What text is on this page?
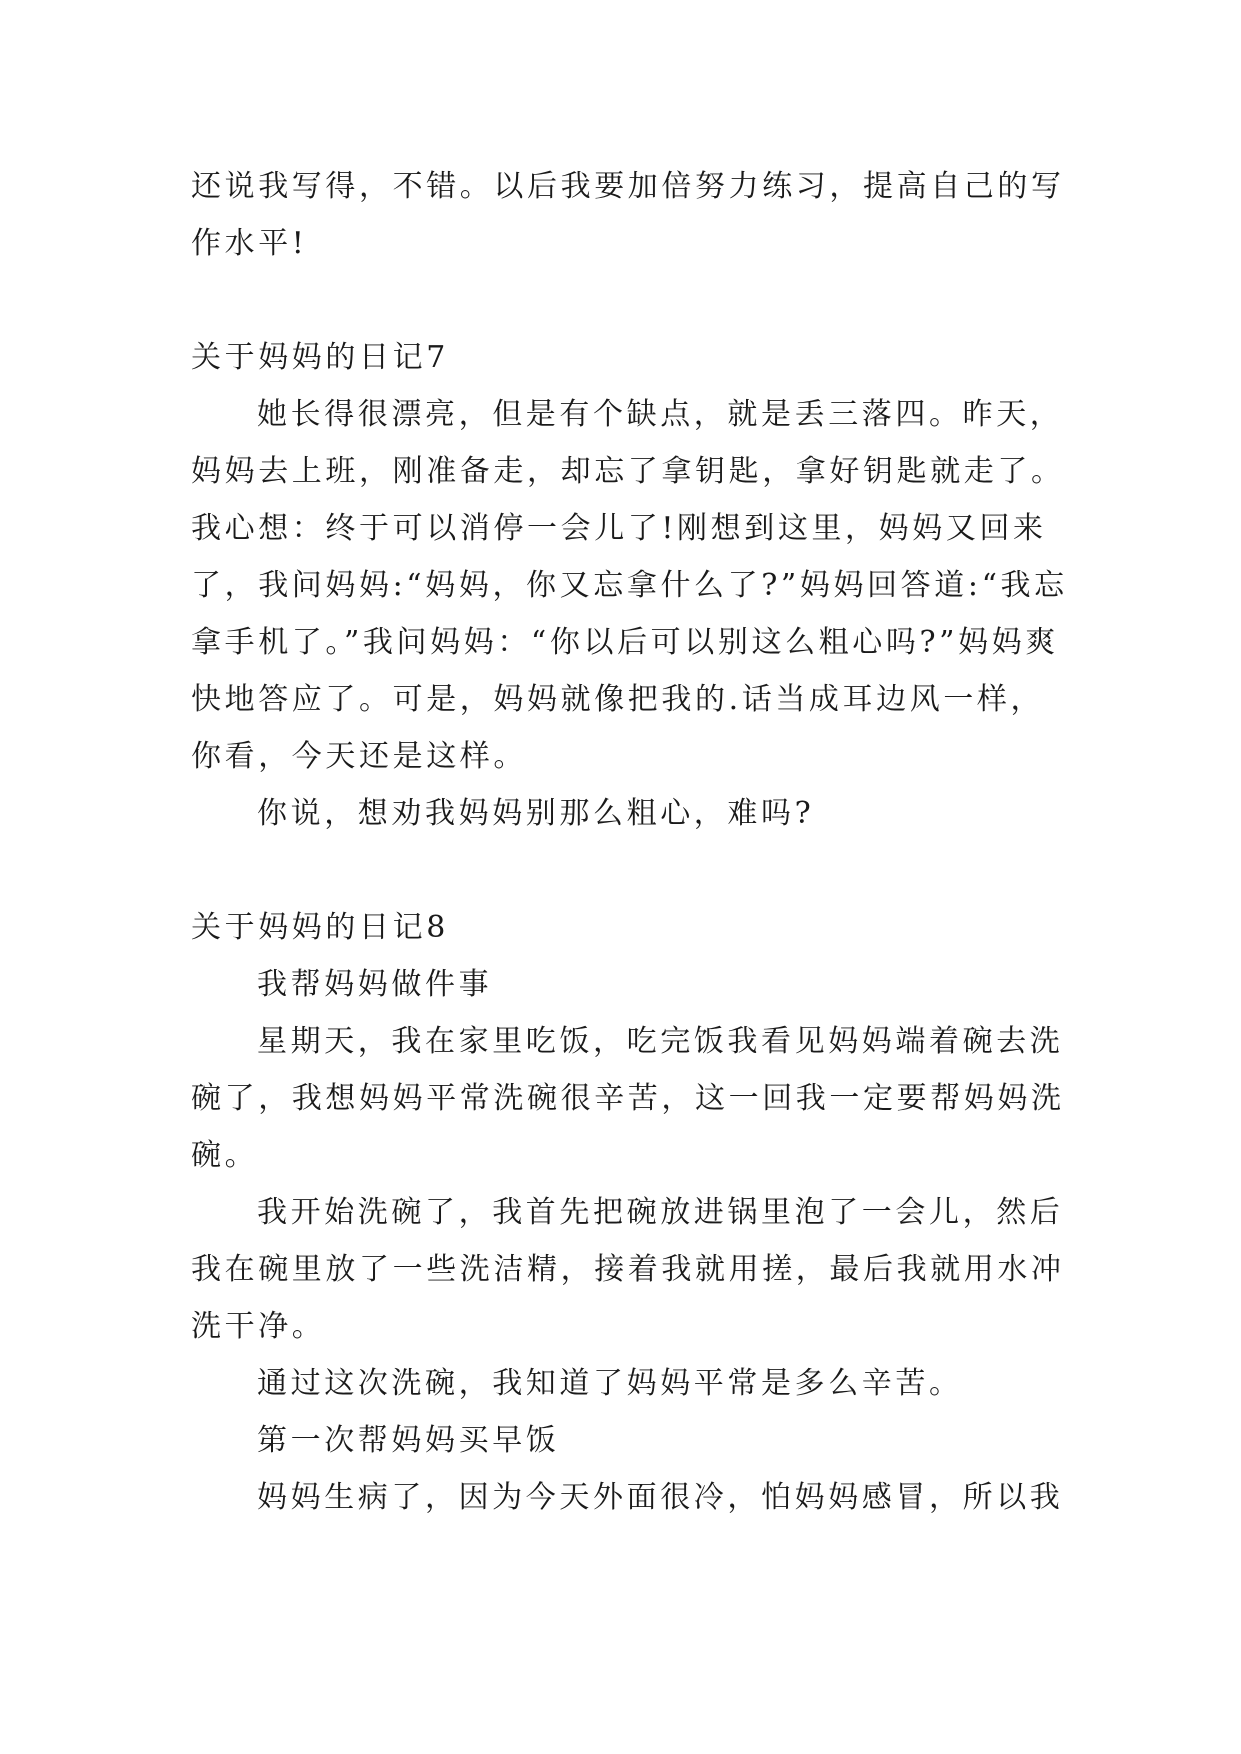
还说我写得，不错。以后我要加倍努力练习，提高自己的写作水平!

关于妈妈的日记7

她长得很漂亮，但是有个缺点，就是丢三落四。昨天，妈妈去上班，刚准备走，却忘了拿钥匙，拿好钥匙就走了。我心想：终于可以消停一会儿了!刚想到这里，妈妈又回来了，我问妈妈:“妈妈，你又忘拿什么了?”妈妈回答道:“我忘拿手机了。”我问妈妈：“你以后可以别这么粗心吗?”妈妈爽快地答应了。可是，妈妈就像把我的.话当成耳边风一样，你看，今天还是这样。

你说，想劝我妈妈别那么粗心，难吗?

关于妈妈的日记8

我帮妈妈做件事

星期天，我在家里吃饭，吃完饭我看见妈妈端着碗去洗碗了，我想妈妈平常洗碗很辛苦，这一回我一定要帮妈妈洗碗。

我开始洗碗了，我首先把碗放进锅里泡了一会儿，然后我在碗里放了一些洗洁精，接着我就用搓，最后我就用水冲洗干净。

通过这次洗碗，我知道了妈妈平常是多么辛苦。

第一次帮妈妈买早饭

妈妈生病了，因为今天外面很冷，怕妈妈感冒，所以我
